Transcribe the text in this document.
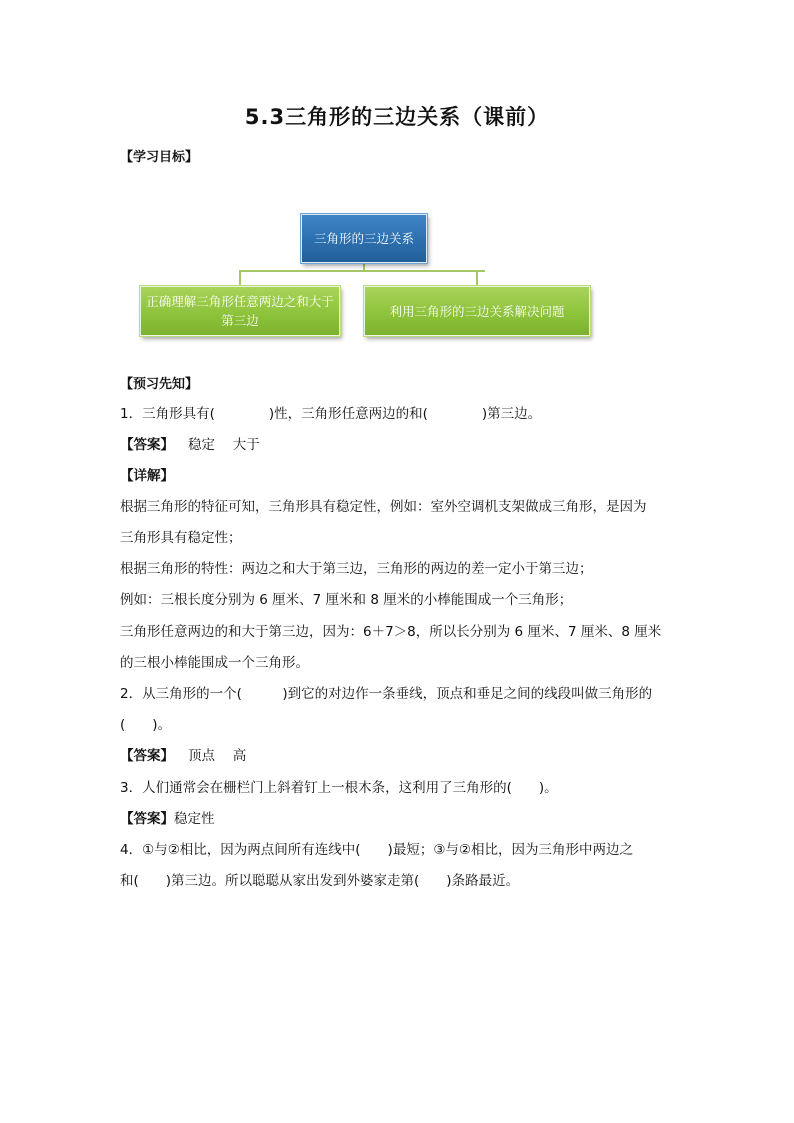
5.3三角形的三边关系（课前）
【学习目标】
三角形的三边关系
正确理解三角形任意两边之和大于第三边
利用三角形的三边关系解决问题
【预习先知】
1．三角形具有(　　　　)性，三角形任意两边的和(　　　　)第三边。
【答案】 稳定　 大于
【详解】
根据三角形的特征可知，三角形具有稳定性，例如：室外空调机支架做成三角形，是因为
三角形具有稳定性；
根据三角形的特性：两边之和大于第三边，三角形的两边的差一定小于第三边；
例如：三根长度分别为 6 厘米、7 厘米和 8 厘米的小棒能围成一个三角形；
三角形任意两边的和大于第三边，因为：6＋7＞8，所以长分别为 6 厘米、7 厘米、8 厘米
的三根小棒能围成一个三角形。
2．从三角形的一个(　　　)到它的对边作一条垂线，顶点和垂足之间的线段叫做三角形的
(　　)。
【答案】 顶点　 高
3．人们通常会在栅栏门上斜着钉上一根木条，这利用了三角形的(　　)。
【答案】稳定性
4．①与②相比，因为两点间所有连线中(　　)最短；③与②相比，因为三角形中两边之
和(　　)第三边。所以聪聪从家出发到外婆家走第(　　)条路最近。
